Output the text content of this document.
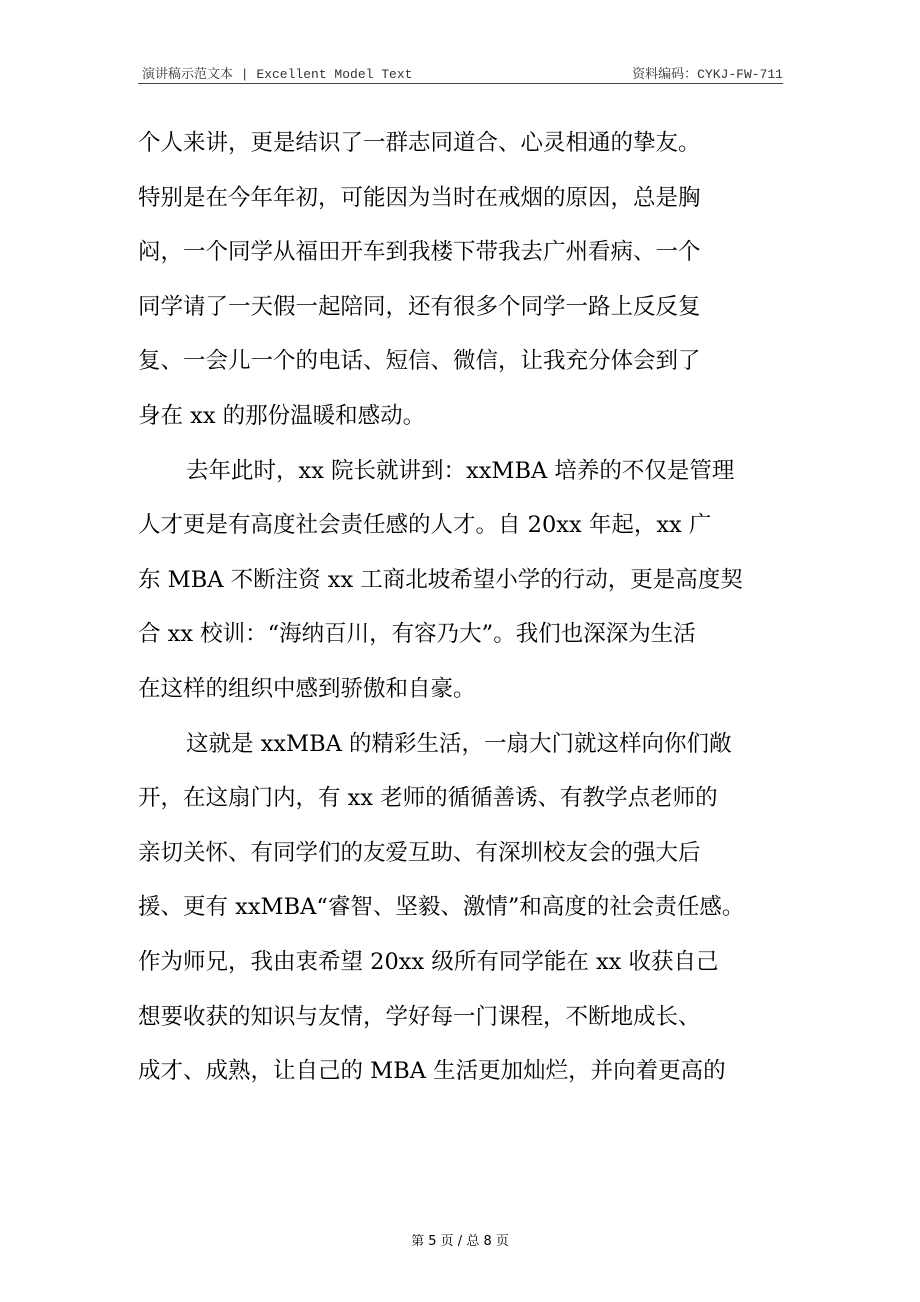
演讲稿示范文本 | Excellent Model Text	资料编码：CYKJ-FW-711
个人来讲，更是结识了一群志同道合、心灵相通的挚友。
特别是在今年年初，可能因为当时在戒烟的原因，总是胸
闷，一个同学从福田开车到我楼下带我去广州看病、一个
同学请了一天假一起陪同，还有很多个同学一路上反反复
复、一会儿一个的电话、短信、微信，让我充分体会到了
身在 xx 的那份温暖和感动。
去年此时，xx 院长就讲到：xxMBA 培养的不仅是管理
人才更是有高度社会责任感的人才。自 20xx 年起，xx 广
东 MBA 不断注资 xx 工商北坡希望小学的行动，更是高度契
合 xx 校训：“海纳百川，有容乃大”。我们也深深为生活
在这样的组织中感到骄傲和自豪。
这就是 xxMBA 的精彩生活，一扇大门就这样向你们敞
开，在这扇门内，有 xx 老师的循循善诱、有教学点老师的
亲切关怀、有同学们的友爱互助、有深圳校友会的强大后
援、更有 xxMBA“睿智、坚毅、激情”和高度的社会责任感。
作为师兄，我由衷希望 20xx 级所有同学能在 xx 收获自己
想要收获的知识与友情，学好每一门课程，不断地成长、
成才、成熟，让自己的 MBA 生活更加灿烂，并向着更高的
第 5 页 / 总 8 页
